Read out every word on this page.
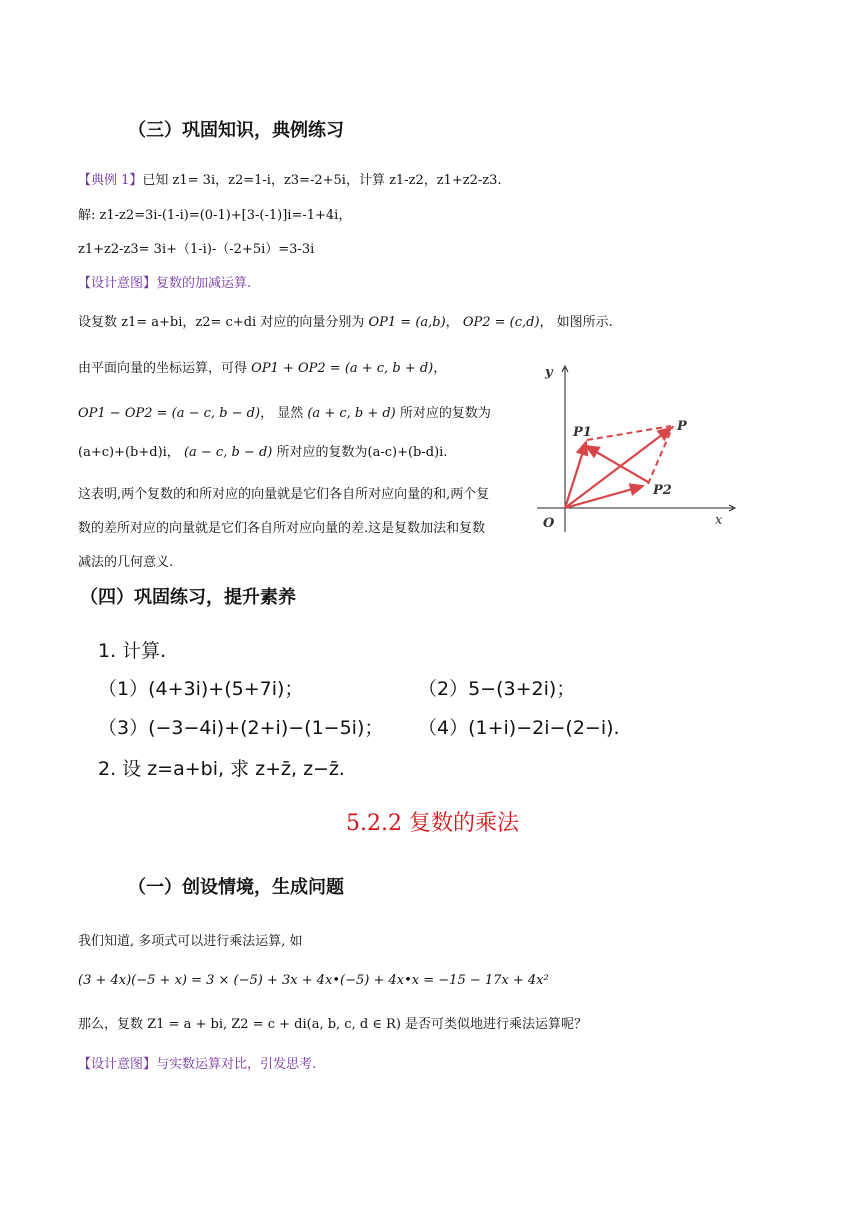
（三）巩固知识，典例练习
【典例 1】已知 z1= 3i，z2=1-i，z3=-2+5i，计算 z1-z2，z1+z2-z3.
解: z1-z2=3i-(1-i)=(0-1)+[3-(-1)]i=-1+4i，
z1+z2-z3= 3i+（1-i)-（-2+5i）=3-3i
【设计意图】复数的加减运算.
设复数 z1= a+bi，z2= c+di 对应的向量分别为 OP1 = (a,b)， OP2 = (c,d)， 如图所示.
由平面向量的坐标运算，可得 OP1 + OP2 = (a + c, b + d)，
OP1 − OP2 = (a − c, b − d)， 显然 (a + c, b + d) 所对应的复数为
(a+c)+(b+d)i， (a − c, b − d) 所对应的复数为(a-c)+(b-d)i.
这表明,两个复数的和所对应的向量就是它们各自所对应向量的和,两个复数的差所对应的向量就是它们各自所对应向量的差.这是复数加法和复数减法的几何意义.
y
x
O
P1	P
P2
（四）巩固练习，提升素养
1. 计算.
（1）(4+3i)+(5+7i)；	（2）5−(3+2i)；
（3）(−3−4i)+(2+i)−(1−5i)； （4）(1+i)−2i−(2−i).
2. 设 z=a+bi, 求 z+z̄, z−z̄.
5.2.2 复数的乘法
（一）创设情境，生成问题
我们知道, 多项式可以进行乘法运算, 如
(3 + 4x)(−5 + x) = 3 × (−5) + 3x + 4x•(−5) + 4x•x = −15 − 17x + 4x²
那么，复数 Z1 = a + bi, Z2 = c + di(a, b, c, d ∈ R) 是否可类似地进行乘法运算呢？
【设计意图】与实数运算对比，引发思考.
